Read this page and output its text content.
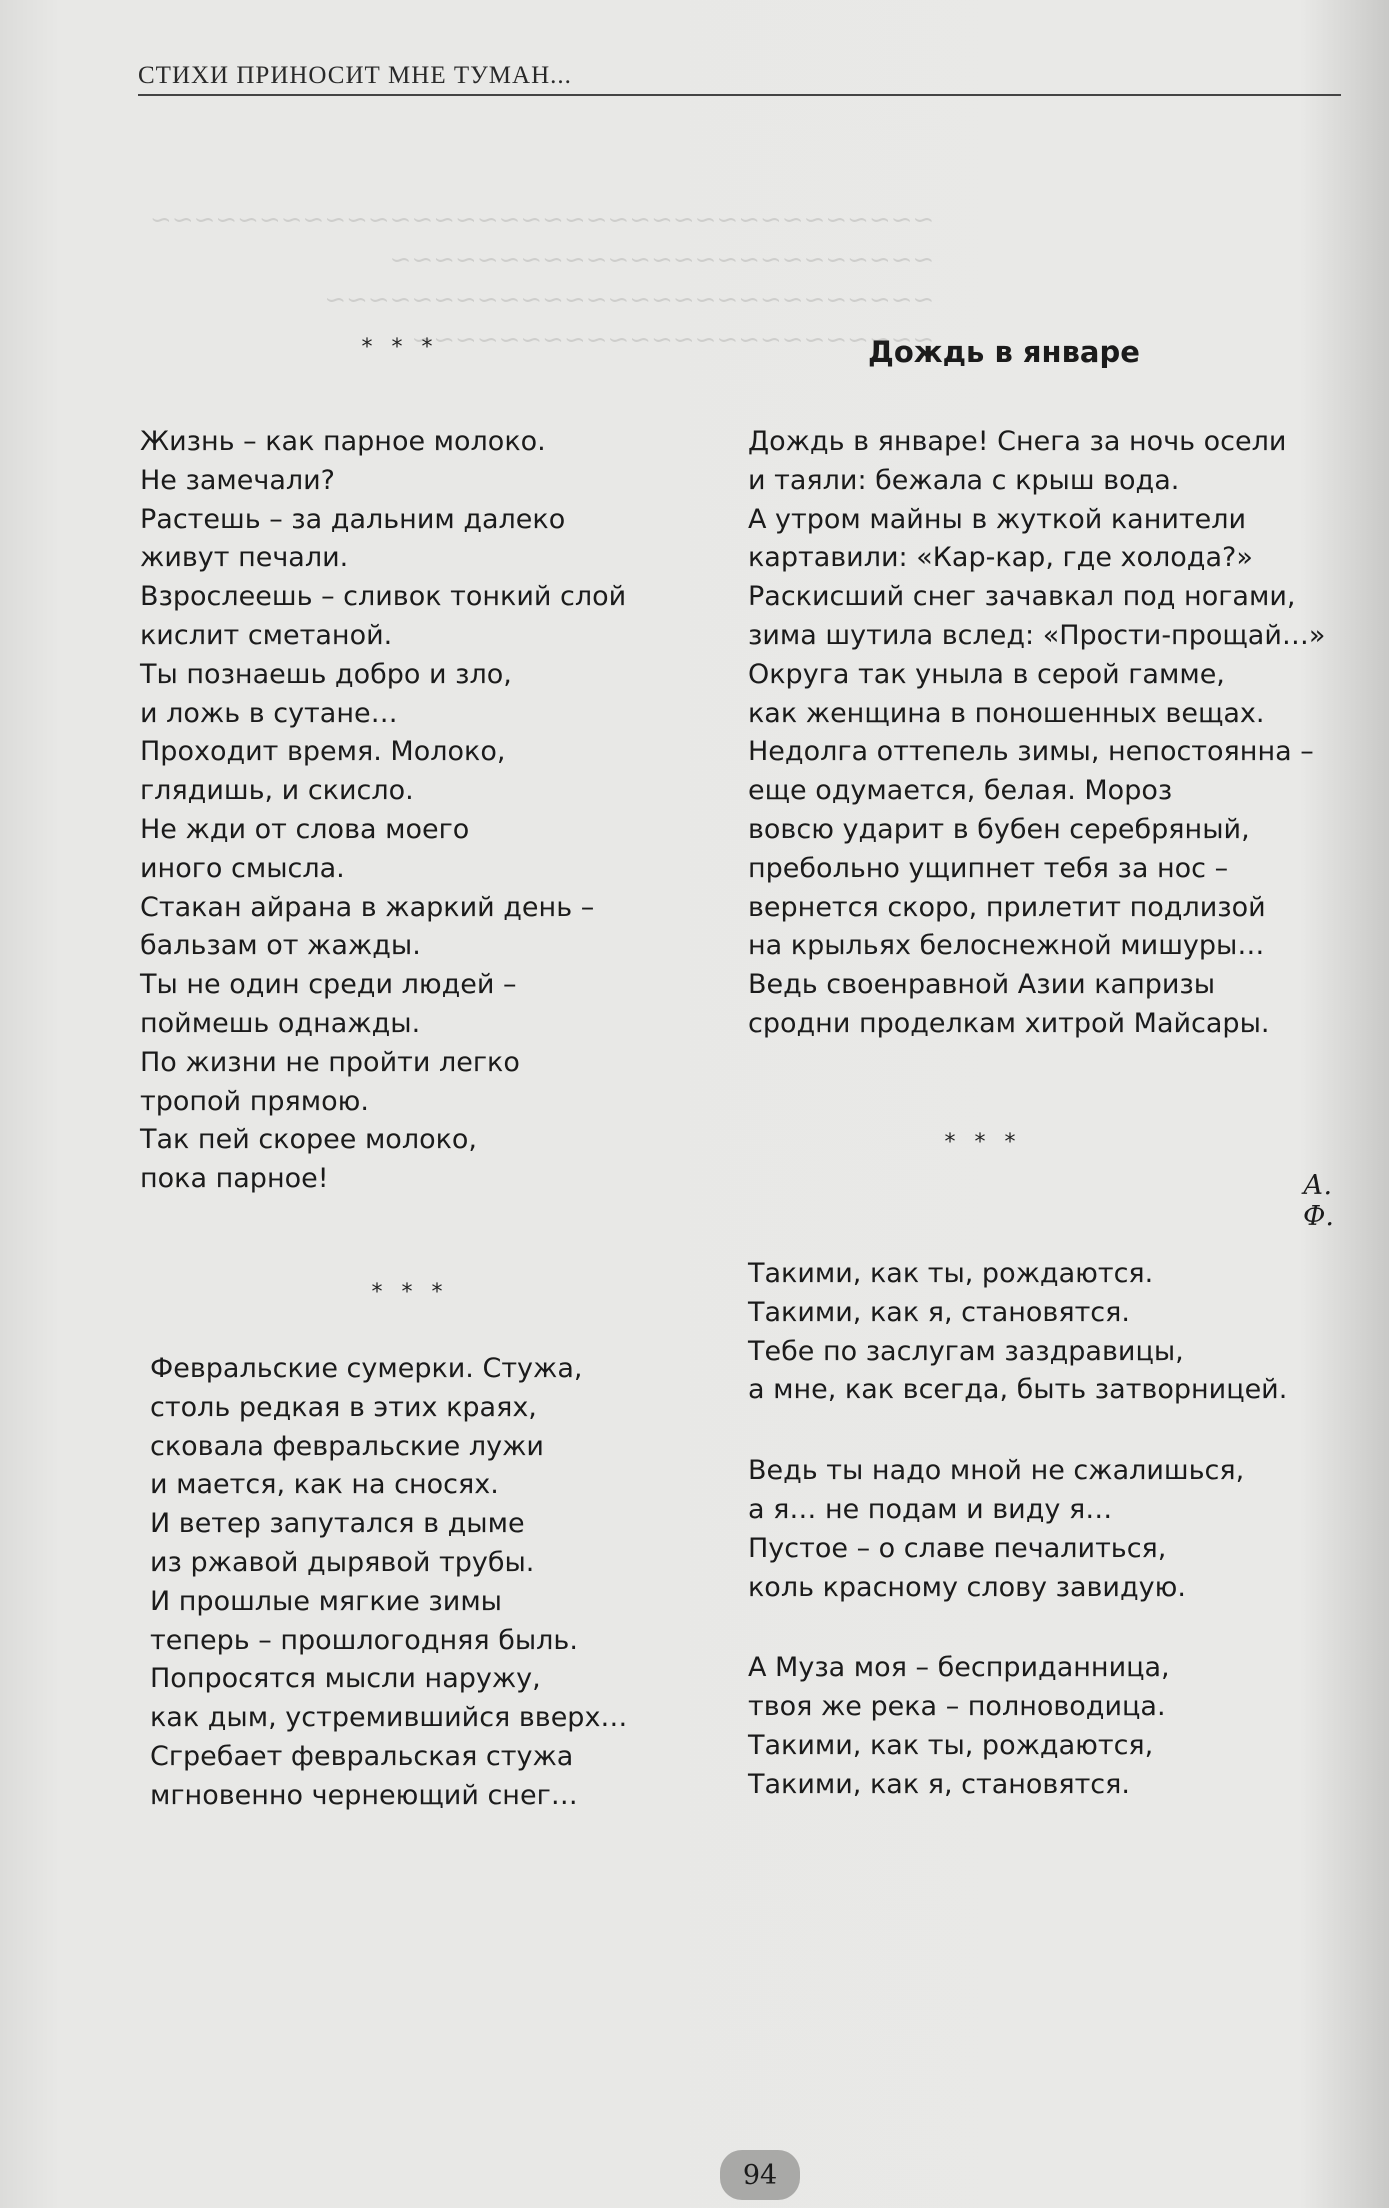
~~~~~~~~~~~~~~~~~~~~~~~~~~~~~~~~~~~~
~~~~~~~~~~~~~~~~~~~~~~~~~
~~~~~~~~~~~~~~~~~~~~~~~~~~~~
~~~~~~~~~~~~~~~~~~~~~~~~
СТИХИ ПРИНОСИТ МНЕ ТУМАН...
* * *
Жизнь – как парное молоко.
Не замечали?
Растешь – за дальним далеко
живут печали.
Взрослеешь – сливок тонкий слой
кислит сметаной.
Ты познаешь добро и зло,
и ложь в сутане…
Проходит время. Молоко,
глядишь, и скисло.
Не жди от слова моего
иного смысла.
Стакан айрана в жаркий день –
бальзам от жажды.
Ты не один среди людей –
поймешь однажды.
По жизни не пройти легко
тропой прямою.
Так пей скорее молоко,
пока парное!
* * *
Февральские сумерки. Стужа,
столь редкая в этих краях,
сковала февральские лужи
и мается, как на сносях.
И ветер запутался в дыме
из ржавой дырявой трубы.
И прошлые мягкие зимы
теперь – прошлогодняя быль.
Попросятся мысли наружу,
как дым, устремившийся вверх…
Сгребает февральская стужа
мгновенно чернеющий снег…
Дождь в январе
Дождь в январе! Снега за ночь осели
и таяли: бежала с крыш вода.
А утром майны в жуткой канители
картавили: «Кар-кар, где холода?»
Раскисший снег зачавкал под ногами,
зима шутила вслед: «Прости-прощай…»
Округа так уныла в серой гамме,
как женщина в поношенных вещах.
Недолга оттепель зимы, непостоянна –
еще одумается, белая. Мороз
вовсю ударит в бубен серебряный,
пребольно ущипнет тебя за нос –
вернется скоро, прилетит подлизой
на крыльях белоснежной мишуры…
Ведь своенравной Азии капризы
сродни проделкам хитрой Майсары.
* * *
А. Ф.
Такими, как ты, рождаются.
Такими, как я, становятся.
Тебе по заслугам заздравицы,
а мне, как всегда, быть затворницей.
Ведь ты надо мной не сжалишься,
а я… не подам и виду я…
Пустое – о славе печалиться,
коль красному слову завидую.
А Муза моя – бесприданница,
твоя же река – полноводица.
Такими, как ты, рождаются,
Такими, как я, становятся.
94
